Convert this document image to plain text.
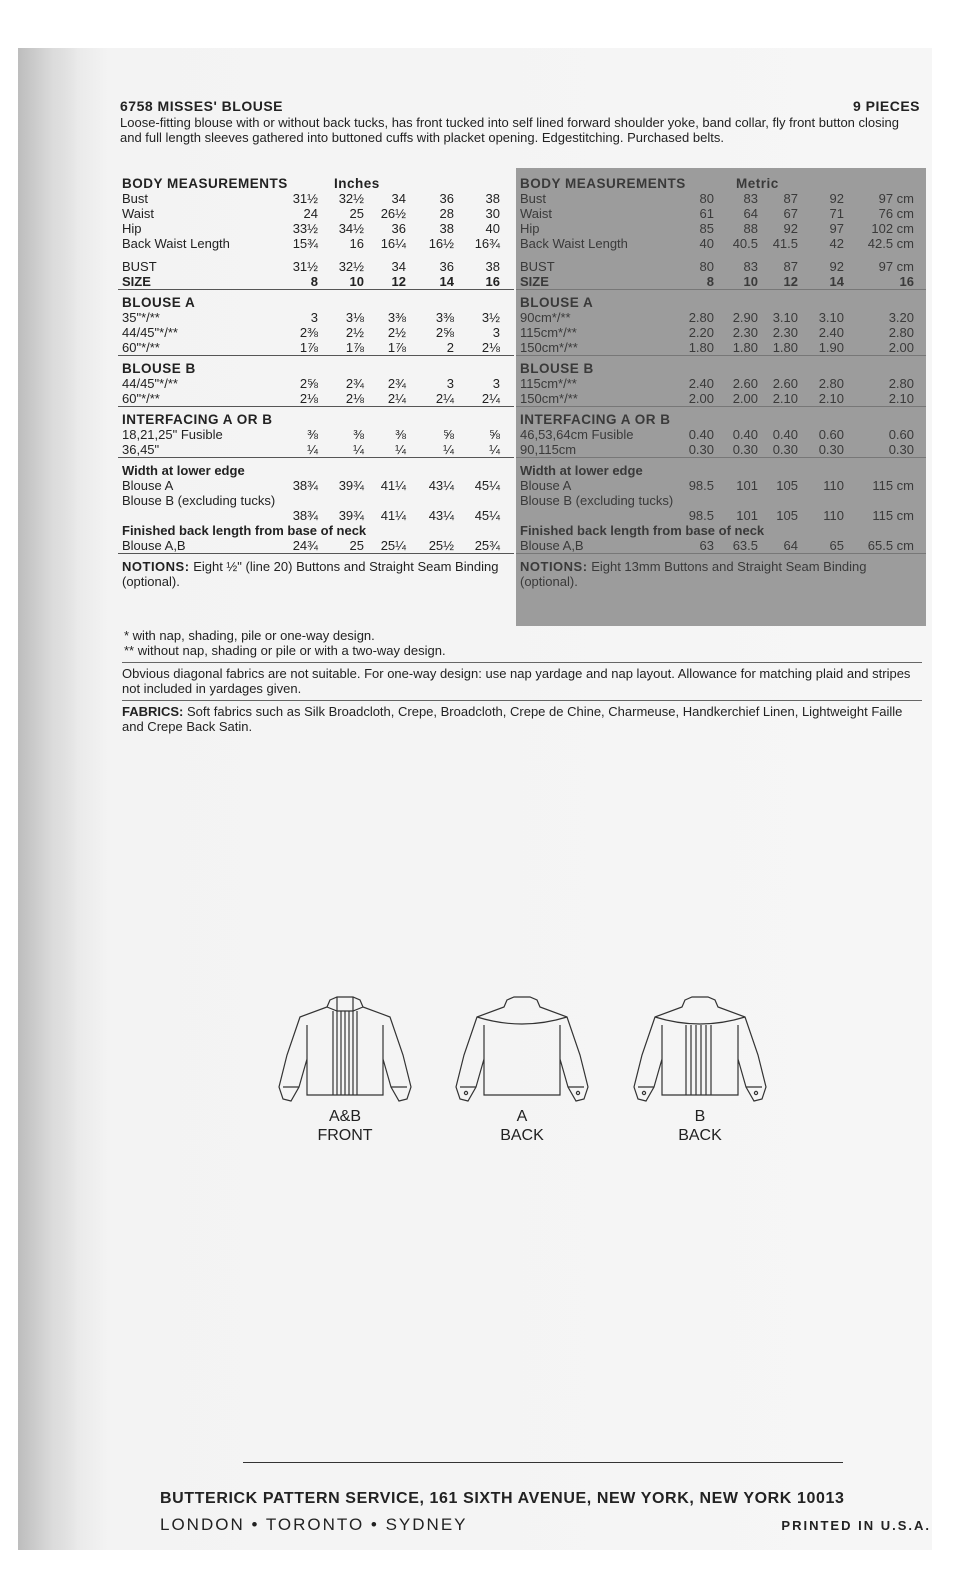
6758 MISSES' BLOUSE	9 PIECES
Loose-fitting blouse with or without back tucks, has front tucked into self lined forward shoulder yoke, band collar, fly front button closing and full length sleeves gathered into buttoned cuffs with placket opening. Edgestitching. Purchased belts.
BODY MEASUREMENTS	Inches
Bust	31½	32½	34	36	38
Waist	24	25	26½	28	30
Hip	33½	34½	36	38	40
Back Waist Length	15¾	16	16¼	16½	16¾
BUST	31½	32½	34	36	38
SIZE	8	10	12	14	16
BLOUSE A
35"*/**	3	3⅛	3⅜	3⅜	3½
44/45"*/**	2⅜	2½	2½	2⅝	3
60"*/**	1⅞	1⅞	1⅞	2	2⅛
BLOUSE B
44/45"*/**	2⅝	2¾	2¾	3	3
60"*/**	2⅛	2⅛	2¼	2¼	2¼
INTERFACING A OR B
18,21,25" Fusible	⅜	⅜	⅜	⅝	⅝
36,45"	¼	¼	¼	¼	¼
Width at lower edge
Blouse A	38¾	39¾	41¼	43¼	45¼
Blouse B (excluding tucks)
38¾	39¾	41¼	43¼	45¼
Finished back length from base of neck
Blouse A,B	24¾	25	25¼	25½	25¾
NOTIONS: Eight ½" (line 20) Buttons and Straight Seam Binding (optional).
BODY MEASUREMENTS	Metric
Bust	80	83	87	92	97 cm
Waist	61	64	67	71	76 cm
Hip	85	88	92	97	102 cm
Back Waist Length	40	40.5	41.5	42	42.5 cm
BUST	80	83	87	92	97 cm
SIZE	8	10	12	14	16
BLOUSE A
90cm*/**	2.80	2.90	3.10	3.10	3.20
115cm*/**	2.20	2.30	2.30	2.40	2.80
150cm*/**	1.80	1.80	1.80	1.90	2.00
BLOUSE B
115cm*/**	2.40	2.60	2.60	2.80	2.80
150cm*/**	2.00	2.00	2.10	2.10	2.10
INTERFACING A OR B
46,53,64cm Fusible	0.40	0.40	0.40	0.60	0.60
90,115cm	0.30	0.30	0.30	0.30	0.30
Width at lower edge
Blouse A	98.5	101	105	110	115 cm
Blouse B (excluding tucks)
98.5	101	105	110	115 cm
Finished back length from base of neck
Blouse A,B	63	63.5	64	65	65.5 cm
NOTIONS: Eight 13mm Buttons and Straight Seam Binding (optional).
* with nap, shading, pile or one-way design.
** without nap, shading or pile or with a two-way design.
Obvious diagonal fabrics are not suitable. For one-way design: use nap yardage and nap layout. Allowance for matching plaid and stripes not included in yardages given.
FABRICS: Soft fabrics such as Silk Broadcloth, Crepe, Broadcloth, Crepe de Chine, Charmeuse, Handkerchief Linen, Lightweight Faille and Crepe Back Satin.
A&B
FRONT
A
BACK
B
BACK
BUTTERICK PATTERN SERVICE, 161 SIXTH AVENUE, NEW YORK, NEW YORK 10013
LONDON • TORONTO • SYDNEY	PRINTED IN U.S.A.
